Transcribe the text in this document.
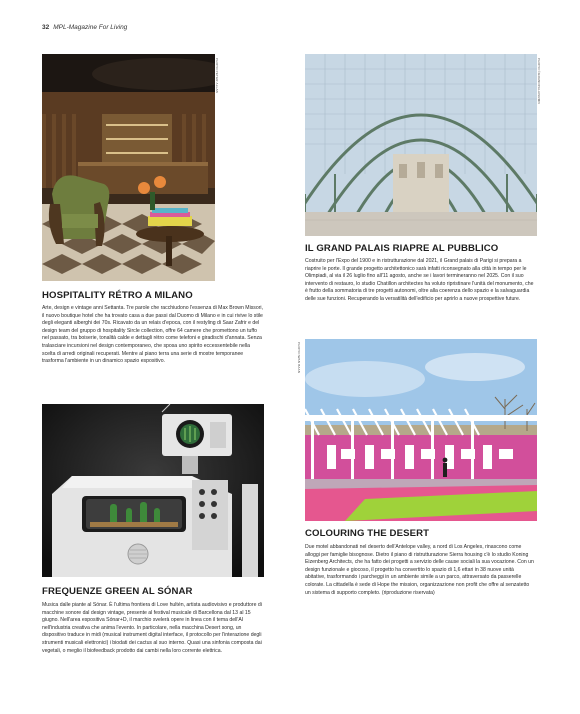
32 MPL-Magazine For Living
PHOTO ©GRANDPALAISRMN
IL GRAND PALAIS RIAPRE AL PUBBLICO

Costruito per l'Expo del 1900 e in ristrutturazione dal 2021, il Grand palais di Parigi si prepara a riaprire le porte. Il grande progetto architettonico sarà infatti riconsegnato alla città in tempo per le Olimpiadi, al via il 26 luglio fino all'11 agosto, anche se i lavori termineranno nel 2025. Con il suo intervento di restauro, lo studio Chatillon architectes ha voluto ripristinare l'unità del monumento, che è frutto della sommatoria di tre progetti autonomi, oltre alla coerenza dello spazio e la salvaguardia delle sue funzioni. Recuperando la versatilità dell'edificio per aprirlo a nuove prospettive future.

HOSPITALITY RÉTRO A MILANO

Arte, design e vintage anni Settanta. Tre parole che racchiudono l'essenza di Max Brown Missori, il nuovo boutique hotel che ha trovato casa a due passi dal Duomo di Milano e in cui rivive lo stile degli eleganti alberghi dei 70s. Ricavato da un relais d'epoca, con il restyling di Saar Zafrir e del design team del gruppo di hospitality Sircle collection, offre 64 camere che promettono un tuffo nel passato, tra boiserie, tonalità calde e dettagli rétro come telefoni e giradischi d'annata. Senza tralasciare incursioni nel design contemporaneo, che sposa uno spirito eccessentebile nella scelta di arredi originali recuperati. Mentre al piano terra una serie di mostre temporanee trasforma l'ambiente in un dinamico spazio espositivo.

PHOTO PETER ALLAN
PHOTO IWAN BAAN
COLOURING THE DESERT

Due motel abbandonati nel deserto dell'Antelope valley, a nord di Los Angeles, rinascono come alloggi per famiglie bisognose. Dietro il piano di ristrutturazione Sierra housing c'è lo studio Koning Eizenberg Architects, che ha fatto dei progetti a servizio delle cause sociali la sua vocazione. Con un design funzionale e giocoso, il progetto ha convertito lo spazio di 1,6 ettari in 38 nuove unità abitative, trasformando i parcheggi in un ambiente simile a un parco, attraversato da passerelle colorate. La cittadella è sede di Hope the mission, organizzazione non profit che offre al senzatetto un sistema di supporto completo. (riproduzione riservata)

FREQUENZE GREEN AL SÓNAR

Musica dalle piante al Sónar. È l'ultima frontiera di Love hultén, artista audiovisivo e produttore di macchine sonore dal design vintage, presente al festival musicale di Barcellona dal 13 al 15 giugno. Nell'area espositiva Sónar+D, il marchio svelerà opere in linea con il tema dell'AI nell'industria creativa che anima l'evento. In particolare, nella macchina Desert song, un dispositivo traduce in midi (musical instrument digital interface, il protocollo per l'interazione degli strumenti musicali elettronici) i biodati dei cactus al suo interno. Quasi una sinfonia composta dai vegetali, o meglio il biofeedback prodotto dai cambi nella loro corrente elettrica.
